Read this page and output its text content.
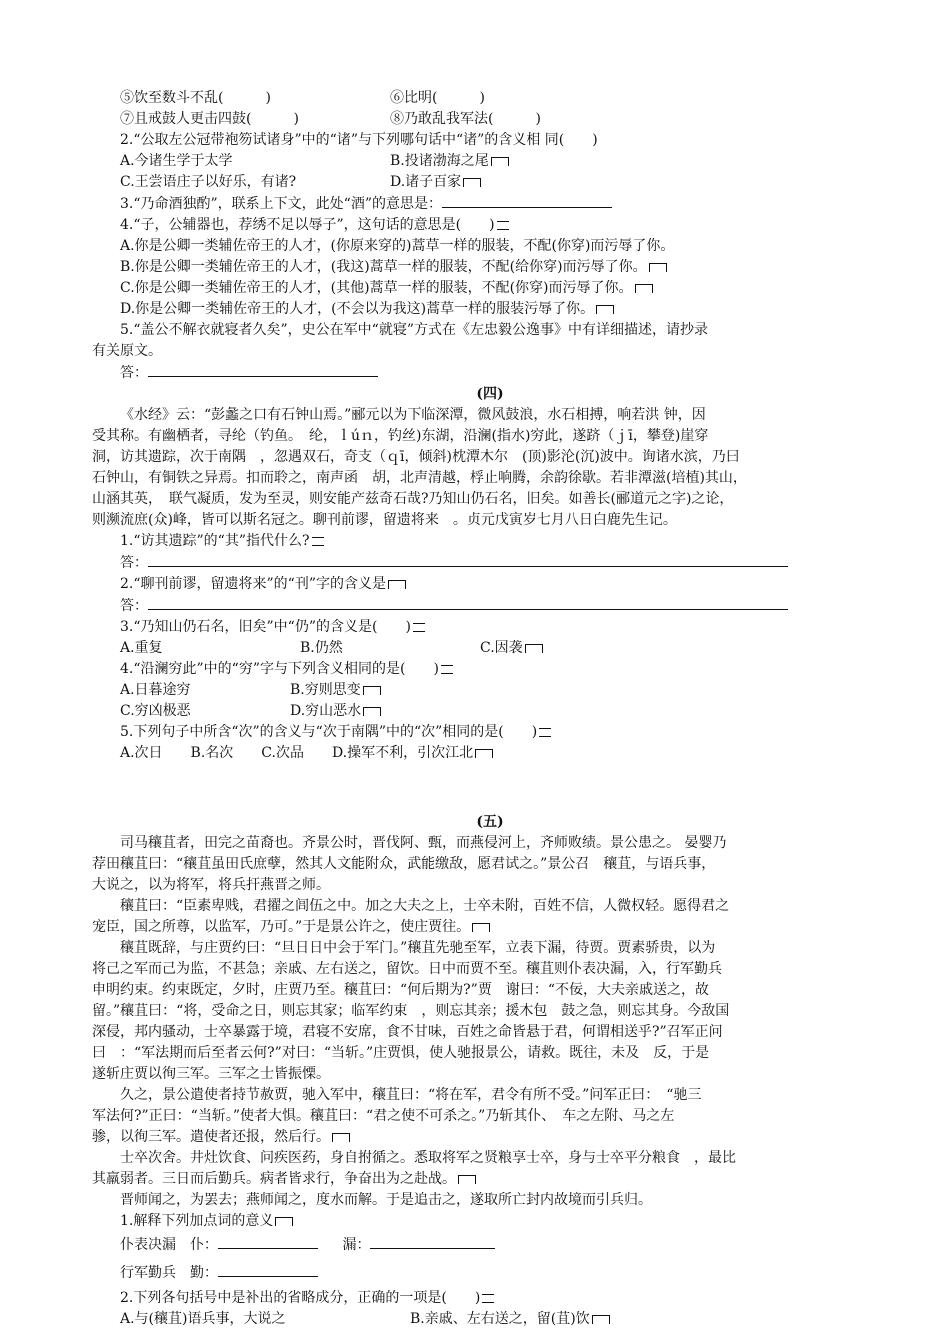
⑤饮至数斗不乱(　　　)	⑥比明(　　　)

⑦且戒鼓人更击四鼓(　　　)	⑧乃敢乱我军法(　　　)

2.“公取左公冠带袍笏试诸身”中的“诸”与下列哪句话中“诸”的含义相 同(　　)

A.今诸生学于太学	B.投诸渤海之尾

C.王尝语庄子以好乐，有诸?	D.诸子百家

3.“乃命酒独酌”，联系上下文，此处“酒”的意思是：

4.“子，公辅器也，荐绣不足以辱子”，这句话的意思是(　　)

A.你是公卿一类辅佐帝王的人才，(你原来穿的)蒿草一样的服装，不配(你穿)而污辱了你。

B.你是公卿一类辅佐帝王的人才，(我这)蒿草一样的服装，不配(给你穿)而污辱了你。

C.你是公卿一类辅佐帝王的人才，(其他)蒿草一样的服装，不配(你穿)而污辱了你。

D.你是公卿一类辅佐帝王的人才，(不会以为我这)蒿草一样的服装污辱了你。

5.“盖公不解衣就寝者久矣”，史公在军中“就寝”方式在《左忠毅公逸事》中有详细描述，请抄录

有关原文。

答：

(四)

《水经》云：“彭蠡之口有石钟山焉。”郦元以为下临深潭，微风鼓浪，水石相搏，响若洪 钟，因

受其称。有幽栖者，寻纶（钓鱼。　纶，ｌúｎ，钓丝)东湖，沿澜(指水)穷此，遂跻（ｊī，攀登)崖穿

洞，访其遗踪，次于南隅　，忽遇双石，奇支（ｑī，倾斜)枕潭木尔　(顶)影沦(沉)波中。询诸水滨，乃曰

石钟山，有铜铁之异焉。扣而聆之，南声函　胡，北声清越，桴止响腾，余韵徐歇。若非潭滋(培植)其山，

山涵其英，　联气凝质，发为至灵，则安能产兹奇石哉?乃知山仍石名，旧矣。如善长(郦道元之字)之论，

则濒流庶(众)峰，皆可以斯名冠之。聊刊前谬，留遗将来　。贞元戊寅岁七月八日白鹿先生记。

1.“访其遗踪”的“其”指代什么?

答：

2.“聊刊前谬，留遗将来”的“刊”字的含义是

答：

3.“乃知山仍石名，旧矣”中“仍”的含义是(　　)

A.重复	B.仍然	C.因袭

4.“沿澜穷此”中的“穷”字与下列含义相同的是(　　)

A.日暮途穷	B.穷则思变

C.穷凶极恶	D.穷山恶水

5.下列句子中所含“次”的含义与“次于南隅”中的“次”相同的是(　　)

A.次日　　B.名次　　C.次品　　D.操军不利，引次江北

(五)

司马穰苴者，田完之苗裔也。齐景公时，晋伐阿、甄，而燕侵河上，齐师败绩。景公患之。 晏婴乃

荐田穰苴曰：“穰苴虽田氏庶孽，然其人文能附众，武能缴敌，愿君试之。”景公召　穰苴，与语兵事，

大说之，以为将军，将兵扞燕晋之师。

穰苴曰：“臣素卑贱，君擢之闾伍之中。加之大夫之上，士卒未附，百姓不信，人微权轻。愿得君之

宠臣，国之所尊，以监军，乃可。”于是景公许之，使庄贾往。

穰苴既辞，与庄贾约曰：“旦日日中会于军门。”穰苴先驰至军，立表下漏，待贾。贾素骄贵，以为

将己之军而己为监，不甚急；亲戚、左右送之，留饮。日中而贾不至。穰苴则仆表决漏，入，行军勤兵

申明约束。约束既定，夕时，庄贾乃至。穰苴曰：“何后期为?”贾　谢曰：“不佞，大夫亲戚送之，故

留。”穰苴曰：“将，受命之日，则忘其家；临军约束　，则忘其亲；援木包　鼓之急，则忘其身。今敌国

深侵，邦内骚动，士卒暴露于境，君寝不安席，食不甘味，百姓之命皆悬于君，何谓相送乎?”召军正问

曰　：“军法期而后至者云何?”对曰：“当斩。”庄贾惧，使人驰报景公，请救。既往，未及　反，于是

遂斩庄贾以徇三军。三军之士皆振慄。

久之，景公遣使者持节赦贾，驰入军中，穰苴曰：“将在军，君令有所不受。”问军正曰：　“驰三

军法何?”正曰：“当斩。”使者大惧。穰苴曰：“君之使不可杀之。”乃斩其仆、　车之左附、马之左

骖，以徇三军。遣使者还报，然后行。

士卒次舍。井灶饮食、问疾医药，身自拊循之。悉取将军之贤粮享士卒，身与士卒平分粮食　，最比

其羸弱者。三日而后勤兵。病者皆求行，争奋出为之赴战。

晋师闻之，为罢去；燕师闻之，度水而解。于是追击之，遂取所亡封内故境而引兵归。

1.解释下列加点词的意义

仆表决漏　仆：	漏：

行军勤兵　勤：

2.下列各句括号中是补出的省略成分，正确的一项是(　　)

A.与(穰苴)语兵事，大说之	B.亲戚、左右送之，留(苴)饮
